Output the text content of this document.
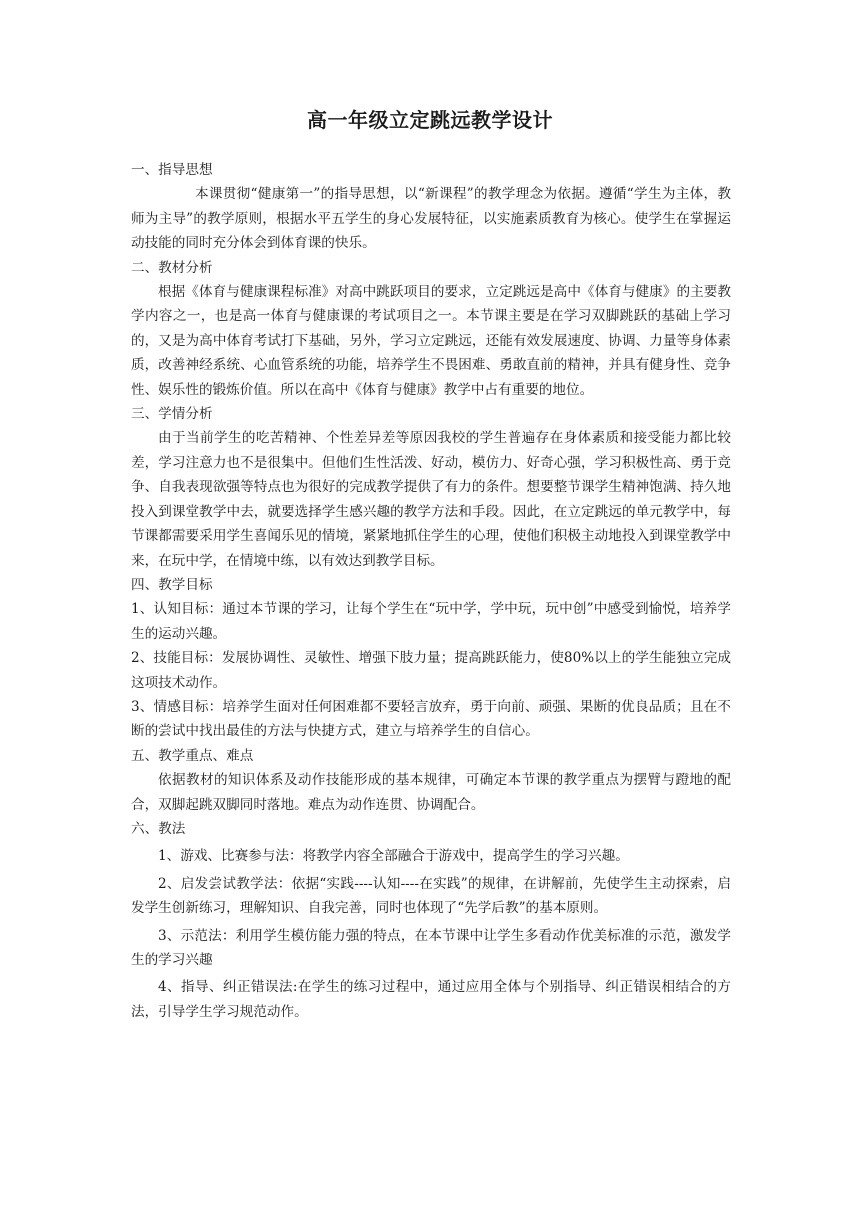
高一年级立定跳远教学设计

一、指导思想

本课贯彻“健康第一”的指导思想，以“新课程”的教学理念为依据。遵循“学生为主体，教师为主导”的教学原则，根据水平五学生的身心发展特征，以实施素质教育为核心。使学生在掌握运动技能的同时充分体会到体育课的快乐。

二、教材分析

根据《体育与健康课程标准》对高中跳跃项目的要求，立定跳远是高中《体育与健康》的主要教学内容之一，也是高一体育与健康课的考试项目之一。本节课主要是在学习双脚跳跃的基础上学习的，又是为高中体育考试打下基础，另外，学习立定跳远，还能有效发展速度、协调、力量等身体素质，改善神经系统、心血管系统的功能，培养学生不畏困难、勇敢直前的精神，并具有健身性、竞争性、娱乐性的锻炼价值。所以在高中《体育与健康》教学中占有重要的地位。

三、学情分析

由于当前学生的吃苦精神、个性差异差等原因我校的学生普遍存在身体素质和接受能力都比较差，学习注意力也不是很集中。但他们生性活泼、好动，模仿力、好奇心强，学习积极性高、勇于竞争、自我表现欲强等特点也为很好的完成教学提供了有力的条件。想要整节课学生精神饱满、持久地投入到课堂教学中去，就要选择学生感兴趣的教学方法和手段。因此，在立定跳远的单元教学中，每节课都需要采用学生喜闻乐见的情境，紧紧地抓住学生的心理，使他们积极主动地投入到课堂教学中来，在玩中学，在情境中练，以有效达到教学目标。

四、教学目标

1、认知目标：通过本节课的学习，让每个学生在“玩中学，学中玩，玩中创”中感受到愉悦，培养学生的运动兴趣。

2、技能目标：发展协调性、灵敏性、增强下肢力量；提高跳跃能力，使80%以上的学生能独立完成这项技术动作。

3、情感目标：培养学生面对任何困难都不要轻言放弃，勇于向前、顽强、果断的优良品质；且在不断的尝试中找出最佳的方法与快捷方式，建立与培养学生的自信心。

五、教学重点、难点

依据教材的知识体系及动作技能形成的基本规律，可确定本节课的教学重点为摆臂与蹬地的配合，双脚起跳双脚同时落地。难点为动作连贯、协调配合。

六、教法

1、游戏、比赛参与法：将教学内容全部融合于游戏中，提高学生的学习兴趣。

2、启发尝试教学法：依据“实践----认知----在实践”的规律，在讲解前，先使学生主动探索，启发学生创新练习，理解知识、自我完善，同时也体现了“先学后教”的基本原则。

3、示范法：利用学生模仿能力强的特点，在本节课中让学生多看动作优美标准的示范，激发学生的学习兴趣

4、指导、纠正错误法:在学生的练习过程中，通过应用全体与个别指导、纠正错误相结合的方法，引导学生学习规范动作。
